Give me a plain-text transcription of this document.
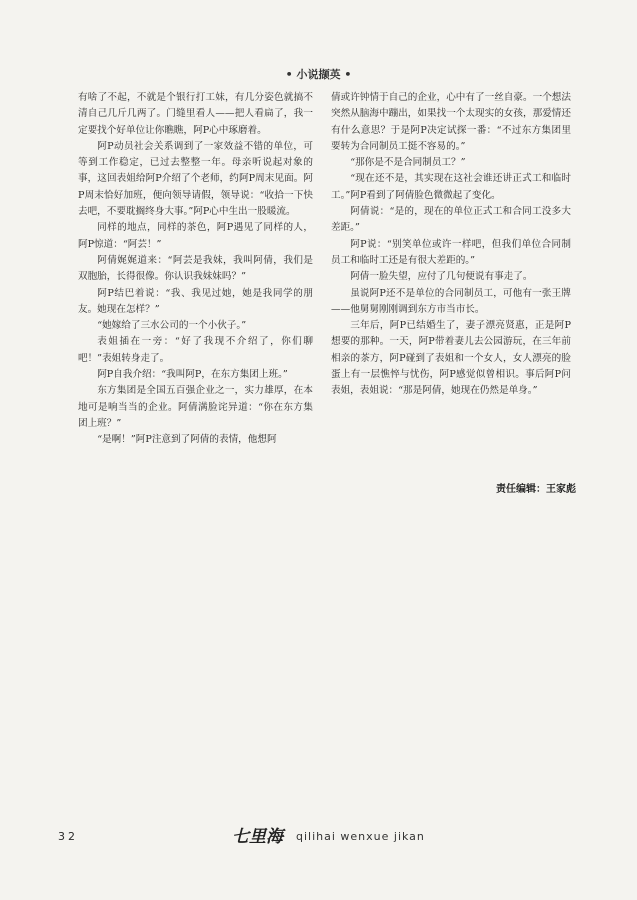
• 小说撷英 •

有啥了不起，不就是个银行打工妹，有几分姿色就搞不清自己几斤几两了。门缝里看人——把人看扁了，我一定要找个好单位让你瞧瞧，阿P心中琢磨着。

阿P动员社会关系调到了一家效益不错的单位，可等到工作稳定，已过去整整一年。母亲听说起对象的事，这回表姐给阿P介绍了个老师，约阿P周末见面。阿P周末恰好加班，便向领导请假，领导说：“收拾一下快去吧，不要耽搁终身大事。”阿P心中生出一股暖流。

同样的地点，同样的茶色，阿P遇见了同样的人，阿P惊道：“阿芸！”

阿倩娓娓道来：“阿芸是我妹，我叫阿倩，我们是双胞胎，长得很像。你认识我妹妹吗？”

阿P结巴着说：“我、我见过她，她是我同学的朋友。她现在怎样？”

“她嫁给了三水公司的一个小伙子。”

表姐插在一旁：“好了我现不介绍了，你们聊吧！”表姐转身走了。

阿P自我介绍：“我叫阿P，在东方集团上班。”

东方集团是全国五百强企业之一，实力雄厚，在本地可是响当当的企业。阿倩满脸诧异道：“你在东方集团上班？”

“是啊！”阿P注意到了阿倩的表情，他想阿

倩或许钟情于自己的企业，心中有了一丝自豪。一个想法突然从脑海中蹦出，如果找一个太现实的女孩，那爱情还有什么意思？于是阿P决定试探一番：“不过东方集团里要转为合同制员工挺不容易的。”

“那你是不是合同制员工？”

“现在还不是，其实现在这社会谁还讲正式工和临时工。”阿P看到了阿倩脸色微微起了变化。

阿倩说：“是的，现在的单位正式工和合同工没多大差距。”

阿P说：“别笑单位或许一样吧，但我们单位合同制员工和临时工还是有很大差距的。”

阿倩一脸失望，应付了几句便说有事走了。

虽说阿P还不是单位的合同制员工，可他有一张王牌——他舅舅刚刚调到东方市当市长。

三年后，阿P已结婚生了，妻子漂亮贤惠，正是阿P想要的那种。一天，阿P带着妻儿去公园游玩，在三年前相亲的茶方，阿P碰到了表姐和一个女人，女人漂亮的脸蛋上有一层憔悴与忧伤，阿P感觉似曾相识。事后阿P问表姐，表姐说：“那是阿倩，她现在仍然是单身。”

责任编辑：王家彪
32	七里海 qilihai wenxue jikan
